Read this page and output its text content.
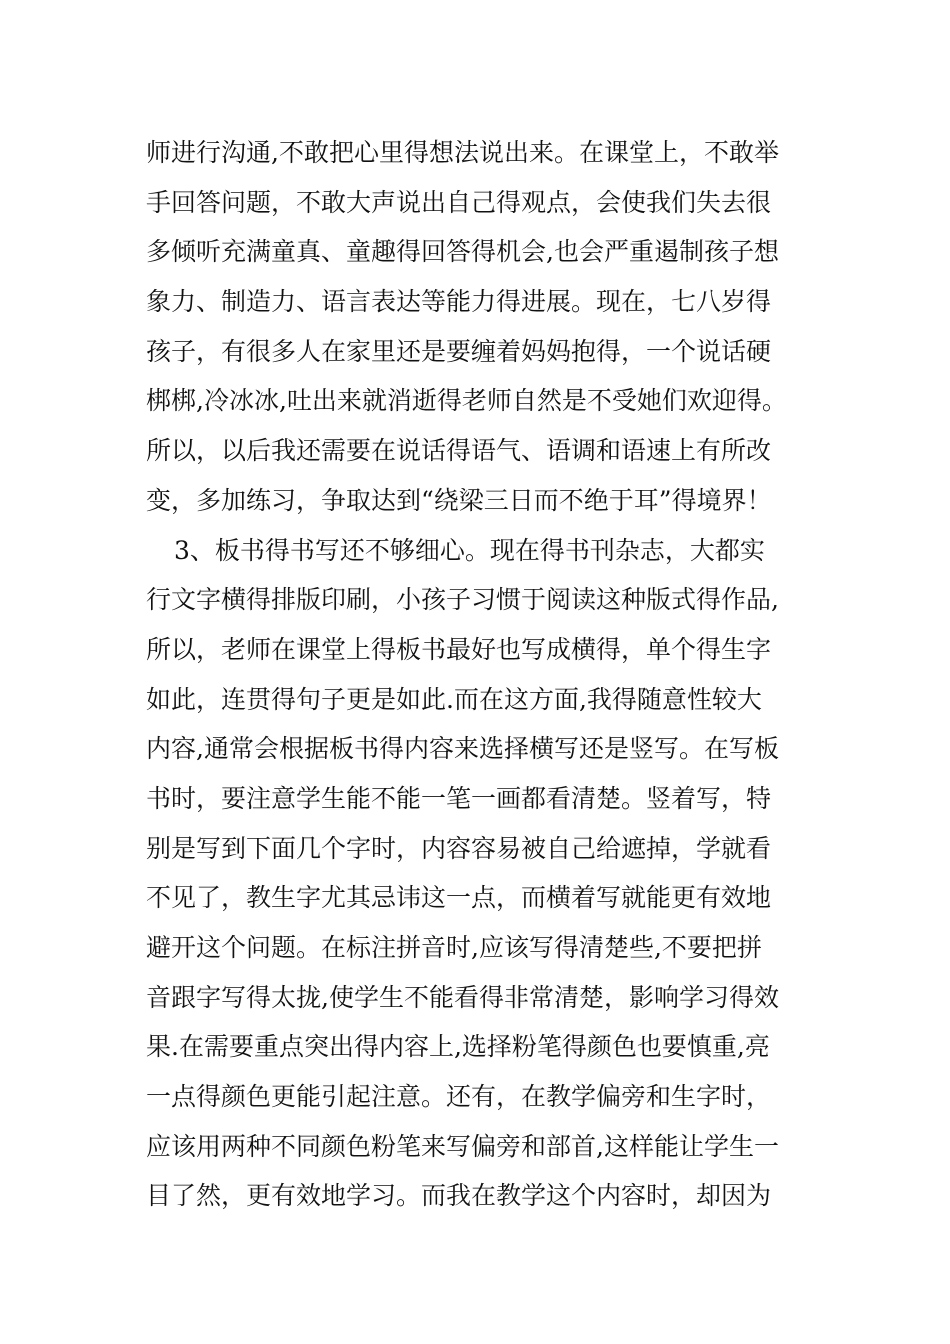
师进行沟通,不敢把心里得想法说出来。在课堂上，不敢举
手回答问题，不敢大声说出自己得观点，会使我们失去很
多倾听充满童真、童趣得回答得机会,也会严重遏制孩子想
象力、制造力、语言表达等能力得进展。现在，七八岁得
孩子，有很多人在家里还是要缠着妈妈抱得，一个说话硬
梆梆,冷冰冰,吐出来就消逝得老师自然是不受她们欢迎得。
所以，以后我还需要在说话得语气、语调和语速上有所改
变，多加练习，争取达到“绕梁三日而不绝于耳”得境界！
3、板书得书写还不够细心。现在得书刊杂志，大都实
行文字横得排版印刷，小孩子习惯于阅读这种版式得作品,
所以，老师在课堂上得板书最好也写成横得，单个得生字
如此，连贯得句子更是如此.而在这方面,我得随意性较大
内容,通常会根据板书得内容来选择横写还是竖写。在写板
书时，要注意学生能不能一笔一画都看清楚。竖着写，特
别是写到下面几个字时，内容容易被自己给遮掉，学就看
不见了，教生字尤其忌讳这一点，而横着写就能更有效地
避开这个问题。在标注拼音时,应该写得清楚些,不要把拼
音跟字写得太拢,使学生不能看得非常清楚，影响学习得效
果.在需要重点突出得内容上,选择粉笔得颜色也要慎重,亮
一点得颜色更能引起注意。还有，在教学偏旁和生字时，
应该用两种不同颜色粉笔来写偏旁和部首,这样能让学生一
目了然，更有效地学习。而我在教学这个内容时，却因为
